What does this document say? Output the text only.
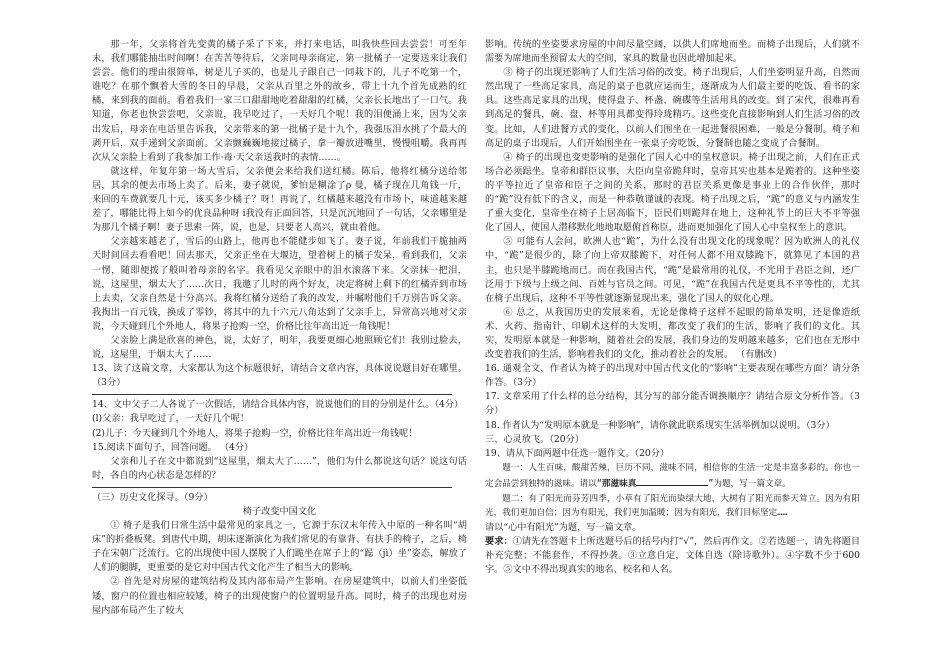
那一年，父亲将首先变黄的橘子采了下来，并打来电话，叫我快些回去尝尝！可至年末，我们哪能抽出时间啊！在苦苦等待后，父亲同母亲商定，第一批橘子一定要送来让我们尝尝。他们的理由很简单，树是儿子买的，也是儿子跟自己一同栽下的，儿子不吃第一个，谁吃？在那个飘着大雪的冬日的早晨，父亲从百里之外的故乡，带上十九个首先成熟的红橘，来到我的面前。看着我们一家三口甜甜地吃着甜甜的红橘，父亲长长地出了一口气。我知道，你老也快尝尝吧，父亲说，我早吃过了，一天好几个呢！我的泪便涌上来，因为父亲出发后，母亲在电话里告诉我，父亲带来的第一批橘子是十九个，我强压泪水挑了个最大的剥开后，双手递到父亲面前。父亲颤巍巍地接过橘子，拿一瓣放进嘴里，慢慢咀嚼。我再再次从父亲脸上看到了我参加工作·毒·天父亲送我时的表情……。

就这样，年复年第一场大雪后，父亲便会来给我们送红橘。陈后，他将红橘分送给邻居，其余的便去市场上卖了。后来，妻子就说，爹怕是糊涂了ρ 曼，橘子现在几角钱一斤，来回的车费就要几十元，该买多少橘子？呀！再说了，红橘越来越没有市场卜，味道越来越差了，哪能比得上如今的优良品种呀 i我没有正面回答，只是沉沉地回了一句话，父亲哪里是为那几个橘子啊！妻子思索一阵，说，也是，只要老人高兴，就由着他。

父亲越来越老了，雪后的山路上，他再也不能健步如飞了。妻子说，年前我们干脆抽两天时间回去看看吧！回去那天，父亲正坐在大堰边，望着树上的橘子发呆，看到我们，父亲一愣，随即便拨了般叫着母亲的名字。我看见父亲眼中的泪水滚落下来。父亲抹一把泪，说，这屋里，烟太大了……次日，我邀了儿时的两个好友，决定将树上剩下的红橘弄到市场上去卖，父亲自然是十分高兴。我将红橘分送给了我的改发，并嘱咐他们千万别告诉父亲。我掏出一百元钱，换成了零钞，将其中的九十六元八角达到了父亲手上，异常高兴地对父亲说，今天碰到几个外地人，将果子抢购一空，价格比往年高出近一角钱呢！

父亲脸上满是欣喜的神色，说，太好了，明年，我要更细心地照顾它们！我别过脸去，说，这屋里，于烟太大了……

13、读了这篇文章，大家都认为这个标题很好，请结合文章内容，具体说说题目好在哪里。（3分）

14、文中父子二人各说了一次假话，请结合具体内容，说说他们的目的分别是什么。（4分）

(l)父亲：我早吃过了，一天好几个呢！

(2)儿子：今天碰到几个外地人，将果子抢购一空，价格比往年高出近一角钱呢！

15.阅读下面句子，回答问题。 （4分）

父亲和儿子在文中都说到“这屋里，烟太大了……”，他们为什么都说这句话？说这句话时，各自的内心状态是怎样的？

（三）历史文化探寻。（9分）

椅子改变中国文化

① 椅子是我们日常生活中最常见的家具之一，它源于东汉末年传入中原的一种名叫“胡床”的折叠板凳。到唐代中期，胡床逐渐演化为我们常见的有靠背、有扶手的椅子，之后，椅子在宋朝广泛流行。它的出现使中国人摆脱了人们跪坐在席子上的“跽（jì）坐”姿态，解放了人们的腿脚，更重要的是它对中国古代文化产生了相当大的影响。

② 首先是对房屋的建筑结构及其内部布局产生影响。在房屋建筑中，以前人们坐姿低矮，窗户的位置也相应较矮，椅子的出现使窗户的位置明显升高。同时，椅子的出现也对房屋内部布局产生了较大

影响。传统的坐姿要求房屋的中间尽量空阔，以供人们席地而坐。而椅子出现后，人们就不需要为席地而坐预留太大的空间，家具的数量也因此增加起来。

③ 椅子的出现还影响了人们生活习俗的改变。椅子出现后，人们坐姿明显升高，自然而然出现了一些高足家具，高足的桌子也就应运而生，逐渐成为人们最主要的吃饭、看书的家具。这些高足家具的出现，使得盘子、杯盏、碗碟等生活用具的改变。到了宋代，很难再看到高足的餐具，碗、盘、杯等用具都变得玲珑精巧。这些变化直接影响到人们生活习俗的改变。比如，人们进餐方式的变化，以前人们围坐在一起进餐很困难，一般是分餐制。椅子和高足的桌子出现后，人们开始围坐在一张桌子旁吃饭，分餐制也随之变成了合餐制。

④ 椅子的出现也变更影响的是强化了国人心中的皇权意识。椅子出现之前，人们在正式场合必须跽坐。皇帝和群臣议事，大臣向皇帝跪拜时，皇帝其实也基本是跪着的。这种坐姿的平等拉近了皇帝和臣子之间的关系，那时的君臣关系更像是事业上的合作伙伴，那时的“跪”没有低下的含义，而是一种恭敬谨诚的表现。椅子出现之后，“跪”的意义与内涵发生了重大变化，皇帝坐在椅子上居高临下，臣民们则跪拜在地上，这种礼节上的巨大不平等强化了国人，使国人潜移默化地地取愿俯首称臣，进而更加强化了国人心中皇权至上的意识。

⑤ 可能有人会问，欧洲人也“跪”，为什么没有出现文化的现象呢？因为欧洲人的礼仪中，“跪”是很少的，除了向上帝双膝跪下，对任何人都不用双膝跪下，就算见了本国的君主，也只是半膝跪地而已。而在我国古代，“跪”是最常用的礼仪，不光用于君臣之间，还广泛用于下级与上级之间、百姓与官员之间。可见，“跪”在我国古代是更具不平等性的，尤其在椅子出现后，这种不平等性就逐渐显现出来，强化了国人的奴化心理。

⑥ 总之，从我国历史的发展来看，无论是像椅子这样不起眼的简单发明，还是像造纸术、火药、指南针、印刷术这样的大发明，都改变了我们的生活，影响了我们的文化。其实，发明原本就是一种影响，随着社会的发展，我们身边的发明越来越多，它们也在无形中改变着我们的生活，影响着我们的文化，推动着社会的发展。 （有删改）

16. 通观全文，作者认为椅子的出现对中国古代文化的“影响”主要表现在哪些方面？请分条作答。（3分）

17. 文章采用了什么样的总分结构，其分写的部分能否调换顺序？请结合原文分析作答。（3分）

18. 作者认为“发明原本就是一种影响”，请你就此联系现实生活举例加以说明。（3分）

三、心灵放飞。（20分）

19、请从下面两题中任选一题作文。（20分）

题一：人生百味，酸甜苦辣，巨历不同，滋味不同，相信你的生活一定是丰富多彩的。你也一定会品尝到独特的滋味。请以“那滋味真	”为题，写一篇文章。

题二：有了阳光而芬芳四季，小草有了阳光而染绿大地，大树有了阳光而参天耸立。因为有阳光，我们更加自信；因为有阳光，我们更加温暖；因为有阳光，我们目标坚定……

请以“心中有阳光”为题，写一篇文章。

要求：①请先在答题卡上所选题号后的括号内打“√”，然后再作文。②若选题一，请先将题目补充完整；不能套作，不得抄袭。③立意自定，文体自选（除诗歌外）。④字数不少于600字。⑤文中不得出现真实的地名、校名和人名。
